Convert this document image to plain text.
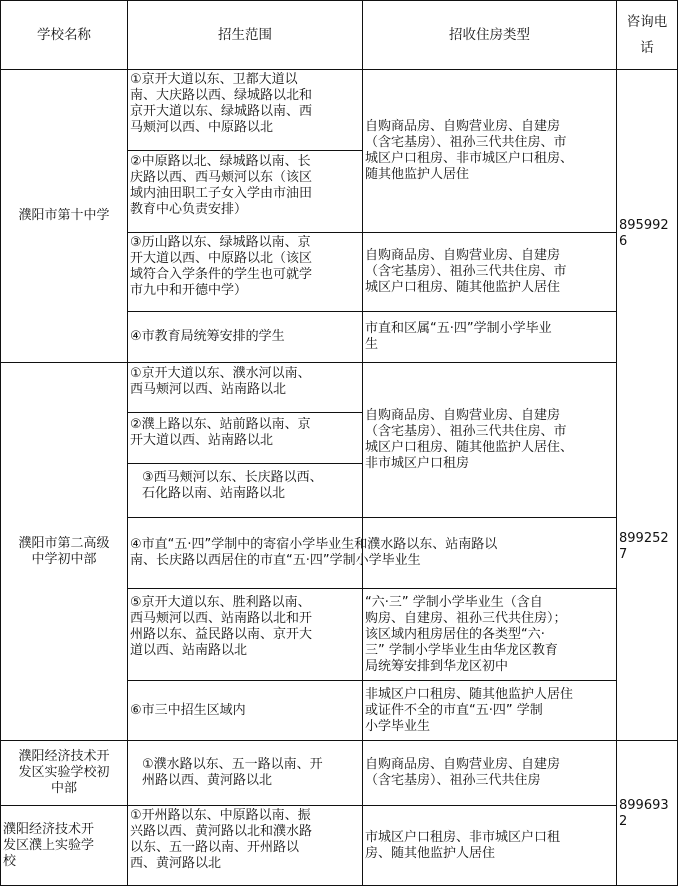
学校名称	招生范围	招收住房类型
咨询电
话
濮阳市第十中学
895992
6
①京开大道以东、卫都大道以
南、大庆路以西、绿城路以北和
京开大道以东、绿城路以南、西
马颊河以西、中原路以北
②中原路以北、绿城路以南、长
庆路以西、西马颊河以东（该区
域内油田职工子女入学由市油田
教育中心负责安排）
③历山路以东、绿城路以南、京
开大道以西、中原路以北（该区
域符合入学条件的学生也可就学
市九中和开德中学）
④市教育局统筹安排的学生
自购商品房、自购营业房、自建房
（含宅基房）、祖孙三代共住房、市
城区户口租房、非市城区户口租房、
随其他监护人居住
自购商品房、自购营业房、自建房
（含宅基房）、祖孙三代共住房、市
城区户口租房、随其他监护人居住
市直和区属“五·四”学制小学毕业
生
濮阳市第二高级
中学初中部
899252
7
①京开大道以东、濮水河以南、
西马颊河以西、站南路以北
②濮上路以东、站前路以南、京
开大道以西、站南路以北
③西马颊河以东、长庆路以西、
石化路以南、站南路以北
④市直“五·四”学制中的寄宿小学毕业生和濮水路以东、站南路以
南、长庆路以西居住的市直“五·四”学制小学毕业生
⑤京开大道以东、胜利路以南、
西马颊河以西、站南路以北和开
州路以东、益民路以南、京开大
道以西、站南路以北
⑥市三中招生区域内
自购商品房、自购营业房、自建房
（含宅基房）、祖孙三代共住房、市
城区户口租房、随其他监护人居住、
非市城区户口租房
“六·三” 学制小学毕业生（含自
购房、自建房、祖孙三代共住房）；
该区域内租房居住的各类型“六·
三” 学制小学毕业生由华龙区教育
局统筹安排到华龙区初中
非城区户口租房、随其他监护人居住
或证件不全的市直“五·四” 学制
小学毕业生
濮阳经济技术开
发区实验学校初
中部
①濮水路以东、五一路以南、开
州路以西、黄河路以北
自购商品房、自购营业房、自建房
（含宅基房）、祖孙三代共住房
899693
2
濮阳经济技术开
发区濮上实验学
校
①开州路以东、中原路以南、振
兴路以西、黄河路以北和濮水路
以东、五一路以南、开州路以
西、黄河路以北
市城区户口租房、非市城区户口租
房、随其他监护人居住
